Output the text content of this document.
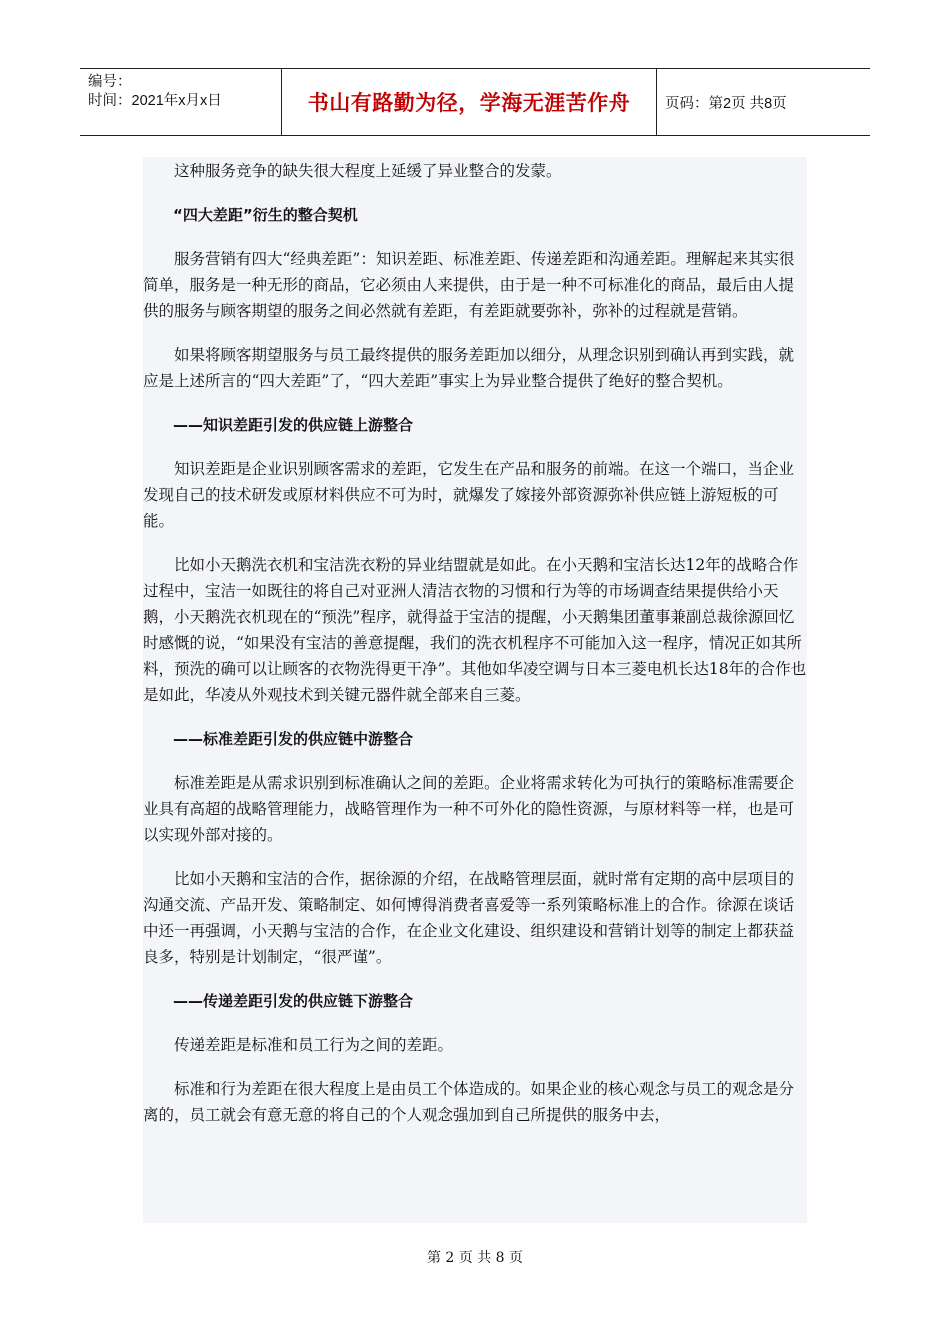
编号：
时间：2021年x月x日	书山有路勤为径，学海无涯苦作舟	页码：第2页 共8页

这种服务竞争的缺失很大程度上延缓了异业整合的发蒙。

“四大差距”衍生的整合契机

服务营销有四大“经典差距”：知识差距、标准差距、传递差距和沟通差距。理解起来其实很简单，服务是一种无形的商品，它必须由人来提供，由于是一种不可标准化的商品，最后由人提供的服务与顾客期望的服务之间必然就有差距，有差距就要弥补，弥补的过程就是营销。

如果将顾客期望服务与员工最终提供的服务差距加以细分，从理念识别到确认再到实践，就应是上述所言的“四大差距”了，“四大差距”事实上为异业整合提供了绝好的整合契机。

——知识差距引发的供应链上游整合

知识差距是企业识别顾客需求的差距，它发生在产品和服务的前端。在这一个端口，当企业发现自己的技术研发或原材料供应不可为时，就爆发了嫁接外部资源弥补供应链上游短板的可能。

比如小天鹅洗衣机和宝洁洗衣粉的异业结盟就是如此。在小天鹅和宝洁长达12年的战略合作过程中，宝洁一如既往的将自己对亚洲人清洁衣物的习惯和行为等的市场调查结果提供给小天鹅，小天鹅洗衣机现在的“预洗”程序，就得益于宝洁的提醒，小天鹅集团董事兼副总裁徐源回忆时感慨的说，“如果没有宝洁的善意提醒，我们的洗衣机程序不可能加入这一程序，情况正如其所料，预洗的确可以让顾客的衣物洗得更干净”。其他如华凌空调与日本三菱电机长达18年的合作也是如此，华凌从外观技术到关键元器件就全部来自三菱。

——标准差距引发的供应链中游整合

标准差距是从需求识别到标准确认之间的差距。企业将需求转化为可执行的策略标准需要企业具有高超的战略管理能力，战略管理作为一种不可外化的隐性资源，与原材料等一样，也是可以实现外部对接的。

比如小天鹅和宝洁的合作，据徐源的介绍，在战略管理层面，就时常有定期的高中层项目的沟通交流、产品开发、策略制定、如何博得消费者喜爱等一系列策略标准上的合作。徐源在谈话中还一再强调，小天鹅与宝洁的合作，在企业文化建设、组织建设和营销计划等的制定上都获益良多，特别是计划制定，“很严谨”。

——传递差距引发的供应链下游整合

传递差距是标准和员工行为之间的差距。

标准和行为差距在很大程度上是由员工个体造成的。如果企业的核心观念与员工的观念是分离的，员工就会有意无意的将自己的个人观念强加到自己所提供的服务中去，

第 2 页 共 8 页
